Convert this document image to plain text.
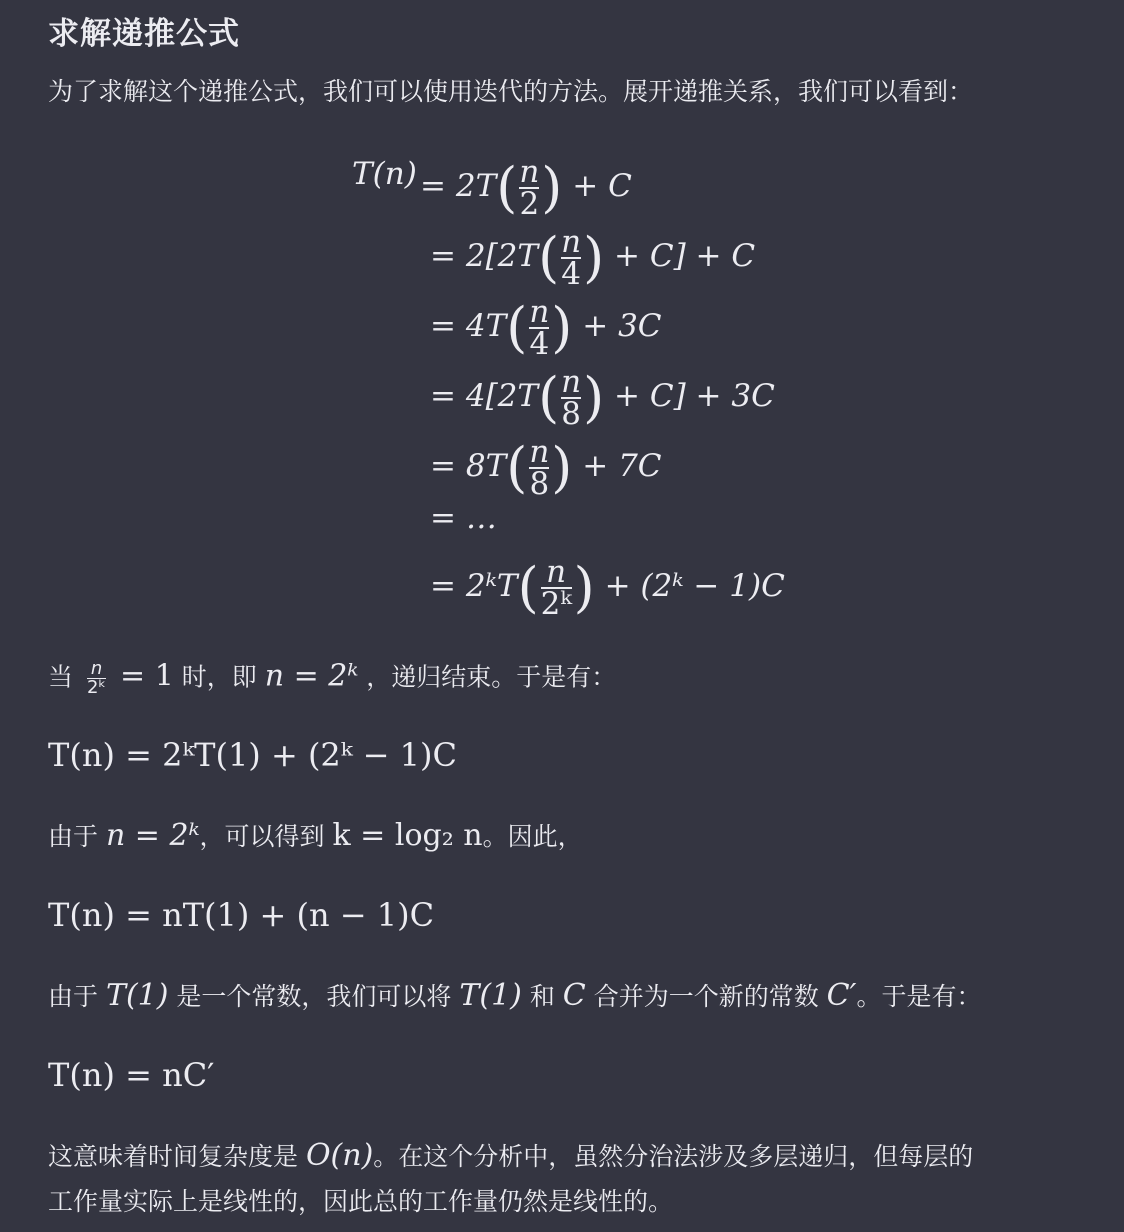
求解递推公式
为了求解这个递推公式，我们可以使用迭代的方法。展开递推关系，我们可以看到：
$T(n) = 2T( \frac{n}{2}$ ) + C
= $2[2T( \frac{n}{4}$ ) + C] + C
= $4T( \frac{n}{4}$ ) + 3C
= $4[2T( \frac{n}{8}$ ) + C] + 3C
= $8T( \frac{n}{8}$ ) + 7C
= …
= 2ᵏT( $\frac{n}{\text{2ᵏ}}$ ) + (2ᵏ − 1)C
当 $\frac{n}{\text{2ᵏ}} = 1$ 时，即 n = 2ᵏ ，递归结束。于是有：
T(n) = 2ᵏT(1) + (2ᵏ − 1)C
由于 n = 2ᵏ，可以得到 k = log₂ n。因此，
T(n) = nT(1) + (n − 1)C
由于 T(1) 是一个常数，我们可以将 T(1) 和 C 合并为一个新的常数 C′。于是有：
T(n) = nC′
这意味着时间复杂度是 O(n)。在这个分析中，虽然分治法涉及多层递归，但每层的
工作量实际上是线性的，因此总的工作量仍然是线性的。
